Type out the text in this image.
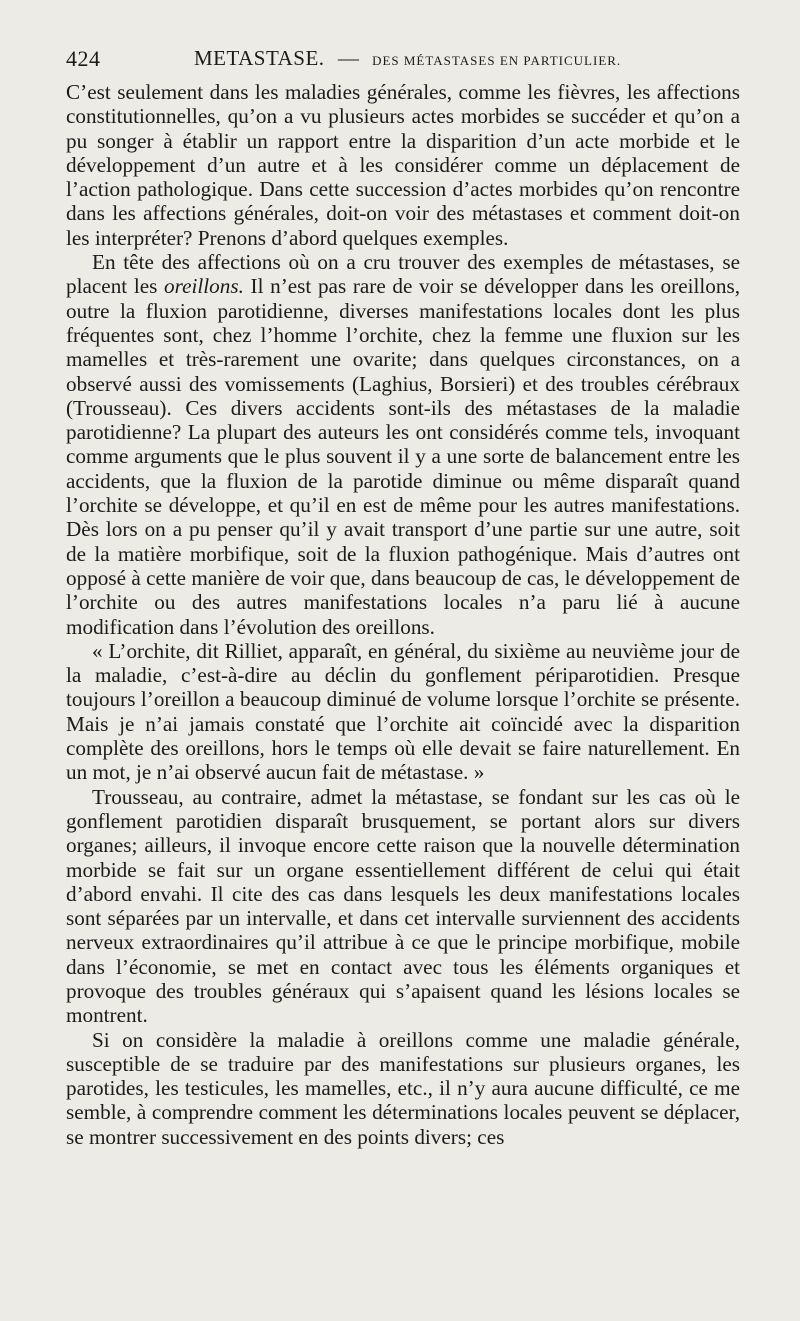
424	METASTASE. — DES MÉTASTASES EN PARTICULIER.

C’est seulement dans les maladies générales, comme les fièvres, les affections constitutionnelles, qu’on a vu plusieurs actes morbides se succéder et qu’on a pu songer à établir un rapport entre la disparition d’un acte morbide et le développement d’un autre et à les considérer comme un déplacement de l’action pathologique. Dans cette succession d’actes morbides qu’on rencontre dans les affections générales, doit-on voir des métastases et comment doit-on les interpréter? Prenons d’abord quelques exemples.

En tête des affections où on a cru trouver des exemples de métastases, se placent les oreillons. Il n’est pas rare de voir se développer dans les oreillons, outre la fluxion parotidienne, diverses manifestations locales dont les plus fréquentes sont, chez l’homme l’orchite, chez la femme une fluxion sur les mamelles et très-rarement une ovarite; dans quelques circonstances, on a observé aussi des vomissements (Laghius, Borsieri) et des troubles cérébraux (Trousseau). Ces divers accidents sont-ils des métastases de la maladie parotidienne? La plupart des auteurs les ont considérés comme tels, invoquant comme arguments que le plus souvent il y a une sorte de balancement entre les accidents, que la fluxion de la parotide diminue ou même disparaît quand l’orchite se développe, et qu’il en est de même pour les autres manifestations. Dès lors on a pu penser qu’il y avait transport d’une partie sur une autre, soit de la matière morbifique, soit de la fluxion pathogénique. Mais d’autres ont opposé à cette manière de voir que, dans beaucoup de cas, le développement de l’orchite ou des autres manifestations locales n’a paru lié à aucune modification dans l’évolution des oreillons.

« L’orchite, dit Rilliet, apparaît, en général, du sixième au neuvième jour de la maladie, c’est-à-dire au déclin du gonflement périparotidien. Presque toujours l’oreillon a beaucoup diminué de volume lorsque l’orchite se présente. Mais je n’ai jamais constaté que l’orchite ait coïncidé avec la disparition complète des oreillons, hors le temps où elle devait se faire naturellement. En un mot, je n’ai observé aucun fait de métastase. »

Trousseau, au contraire, admet la métastase, se fondant sur les cas où le gonflement parotidien disparaît brusquement, se portant alors sur divers organes; ailleurs, il invoque encore cette raison que la nouvelle détermination morbide se fait sur un organe essentiellement différent de celui qui était d’abord envahi. Il cite des cas dans lesquels les deux manifestations locales sont séparées par un intervalle, et dans cet intervalle surviennent des accidents nerveux extraordinaires qu’il attribue à ce que le principe morbifique, mobile dans l’économie, se met en contact avec tous les éléments organiques et provoque des troubles généraux qui s’apaisent quand les lésions locales se montrent.

Si on considère la maladie à oreillons comme une maladie générale, susceptible de se traduire par des manifestations sur plusieurs organes, les parotides, les testicules, les mamelles, etc., il n’y aura aucune difficulté, ce me semble, à comprendre comment les déterminations locales peuvent se déplacer, se montrer successivement en des points divers; ces
